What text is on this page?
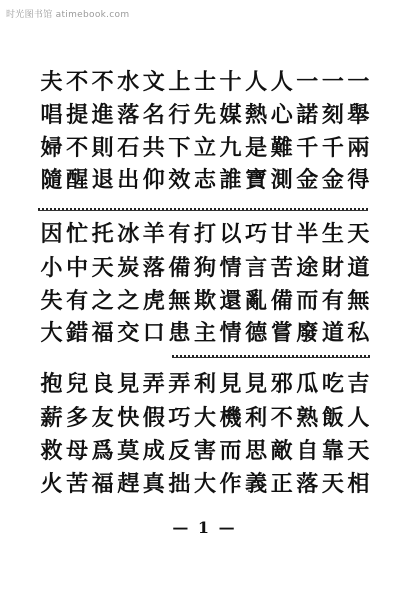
时光图书馆 atimebook.com
夫 不 不 水 文 上 士 十 人 人 一 一 一
唱 提 進 落 名 行 先 媒 熱 心 諾 刻 舉
婦 不 則 石 共 下 立 九 是 難 千 千 兩
隨 醒 退 出 仰 效 志 誰 寶 測 金 金 得
因 忙 托 冰 羊 有 打 以 巧 甘 半 生 天
小 中 天 炭 落 備 狗 情 言 苦 途 財 道
失 有 之 之 虎 無 欺 還 亂 備 而 有 無
大 錯 福 交 口 患 主 情 德 嘗 廢 道 私
抱 兒 良 見 弄 弄 利 見 見 邪 瓜 吃 吉
薪 多 友 快 假 巧 大 機 利 不 熟 飯 人
救 母 爲 莫 成 反 害 而 思 敵 自 靠 天
火 苦 福 趕 真 拙 大 作 義 正 落 天 相
— 1 —
